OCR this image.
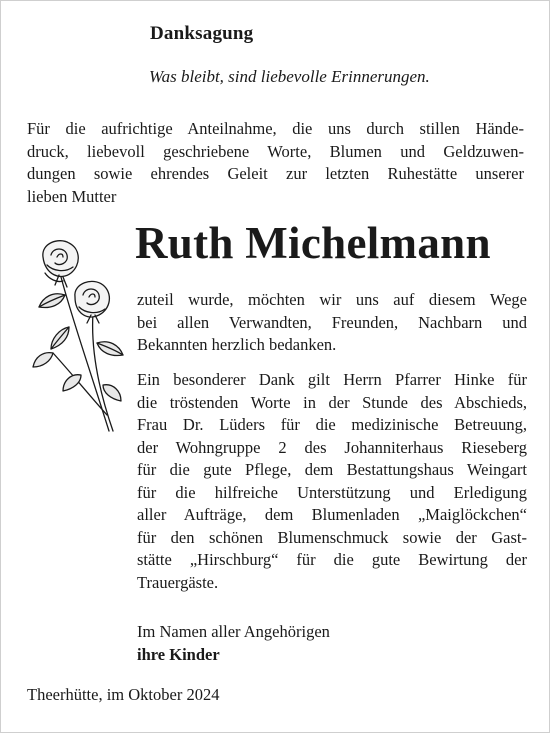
Danksagung
Was bleibt, sind liebevolle Erinnerungen.
Für die aufrichtige Anteilnahme, die uns durch stillen Hände-
druck, liebevoll geschriebene Worte, Blumen und Geldzuwen-
dungen sowie ehrendes Geleit zur letzten Ruhestätte unserer
lieben Mutter
Ruth Michelmann
zuteil wurde, möchten wir uns auf diesem Wege
bei allen Verwandten, Freunden, Nachbarn und
Bekannten herzlich bedanken.
Ein besonderer Dank gilt Herrn Pfarrer Hinke für
die tröstenden Worte in der Stunde des Abschieds,
Frau Dr. Lüders für die medizinische Betreuung,
der Wohngruppe 2 des Johanniterhaus Rieseberg
für die gute Pflege, dem Bestattungshaus Weingart
für die hilfreiche Unterstützung und Erledigung
aller Aufträge, dem Blumenladen „Maiglöckchen“
für den schönen Blumenschmuck sowie der Gast-
stätte „Hirschburg“ für die gute Bewirtung der
Trauergäste.
Im Namen aller Angehörigen
ihre Kinder
Theerhütte, im Oktober 2024
